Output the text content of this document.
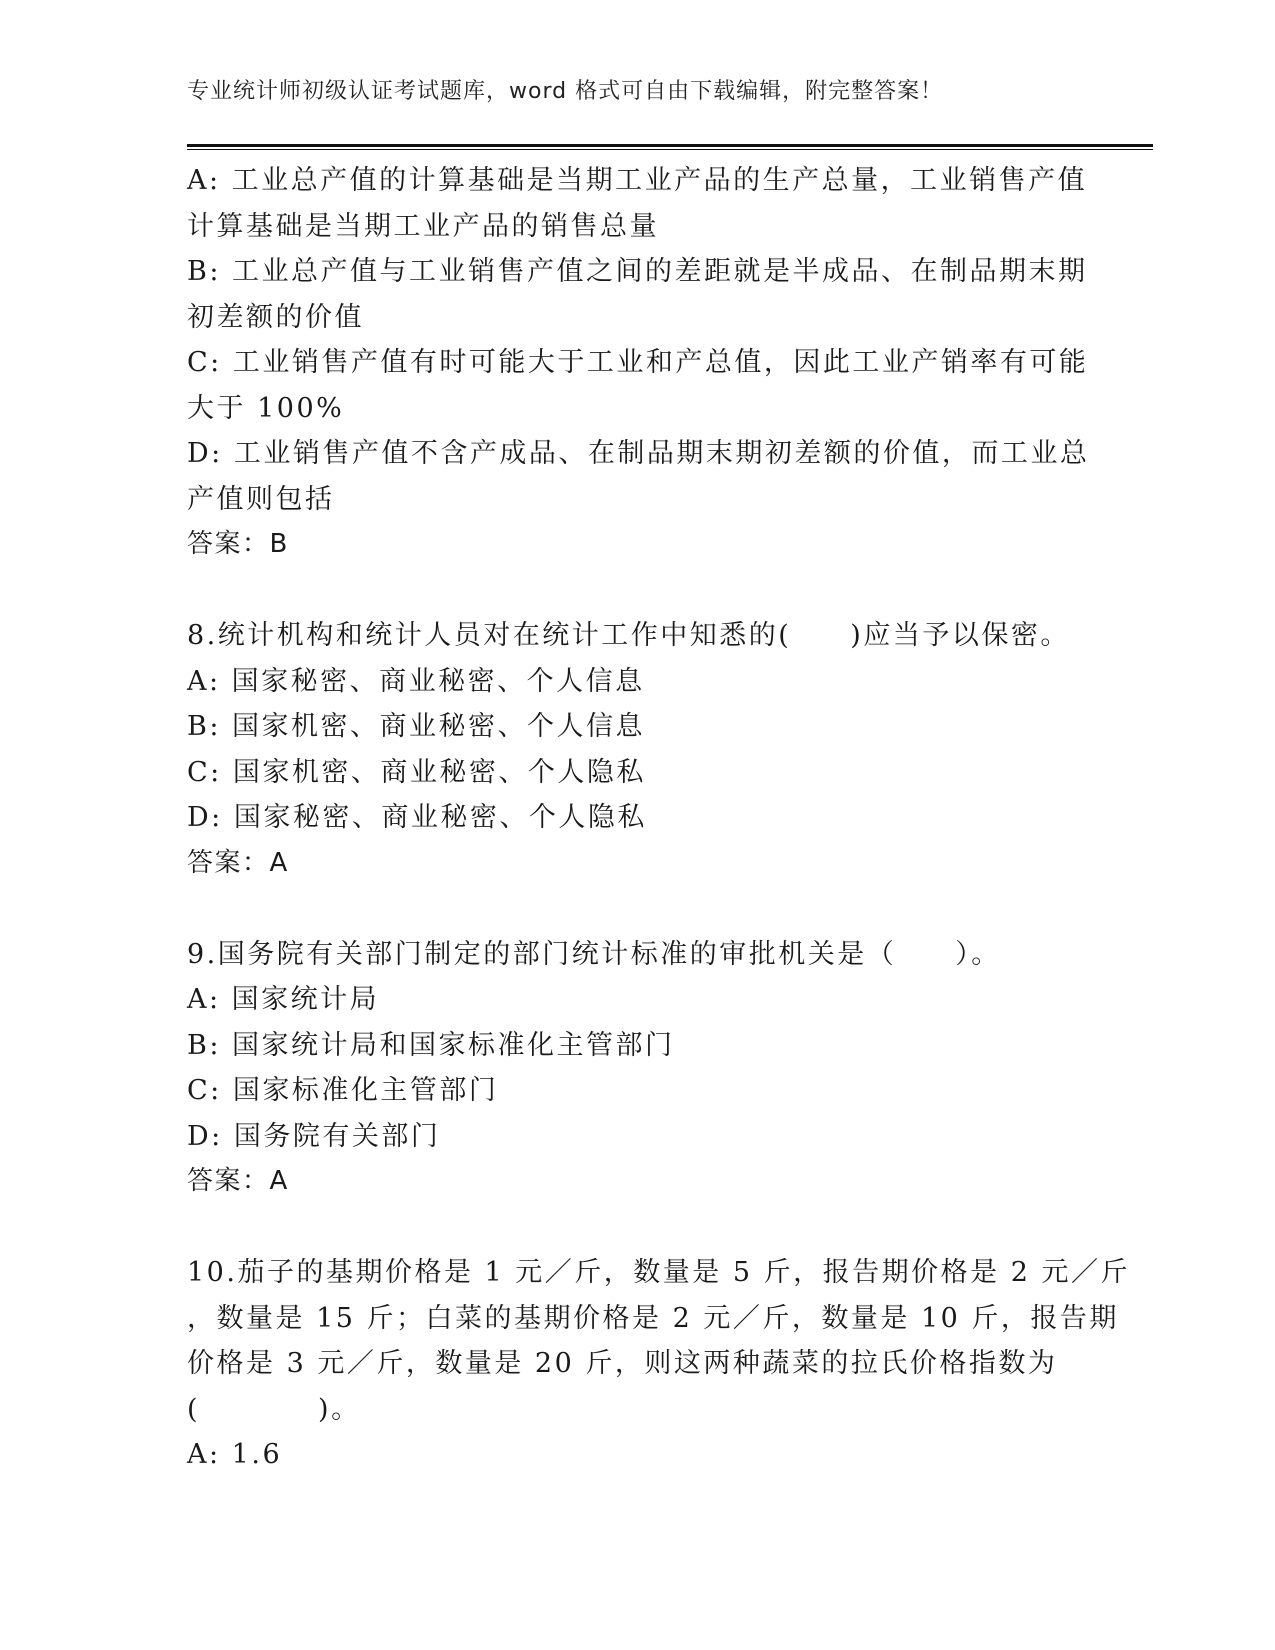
专业统计师初级认证考试题库，word 格式可自由下载编辑，附完整答案！
A: 工业总产值的计算基础是当期工业产品的生产总量，工业销售产值
计算基础是当期工业产品的销售总量
B: 工业总产值与工业销售产值之间的差距就是半成品、在制品期末期
初差额的价值
C: 工业销售产值有时可能大于工业和产总值，因此工业产销率有可能
大于 100%
D: 工业销售产值不含产成品、在制品期末期初差额的价值，而工业总
产值则包括
答案：B
8.统计机构和统计人员对在统计工作中知悉的(　　)应当予以保密。
A: 国家秘密、商业秘密、个人信息
B: 国家机密、商业秘密、个人信息
C: 国家机密、商业秘密、个人隐私
D: 国家秘密、商业秘密、个人隐私
答案：A
9.国务院有关部门制定的部门统计标准的审批机关是（　　）。
A: 国家统计局
B: 国家统计局和国家标准化主管部门
C: 国家标准化主管部门
D: 国务院有关部门
答案：A
10.茄子的基期价格是 1 元／斤，数量是 5 斤，报告期价格是 2 元／斤
，数量是 15 斤；白菜的基期价格是 2 元／斤，数量是 10 斤，报告期
价格是 3 元／斤，数量是 20 斤，则这两种蔬菜的拉氏价格指数为
(　　　　)。
A: 1.6
